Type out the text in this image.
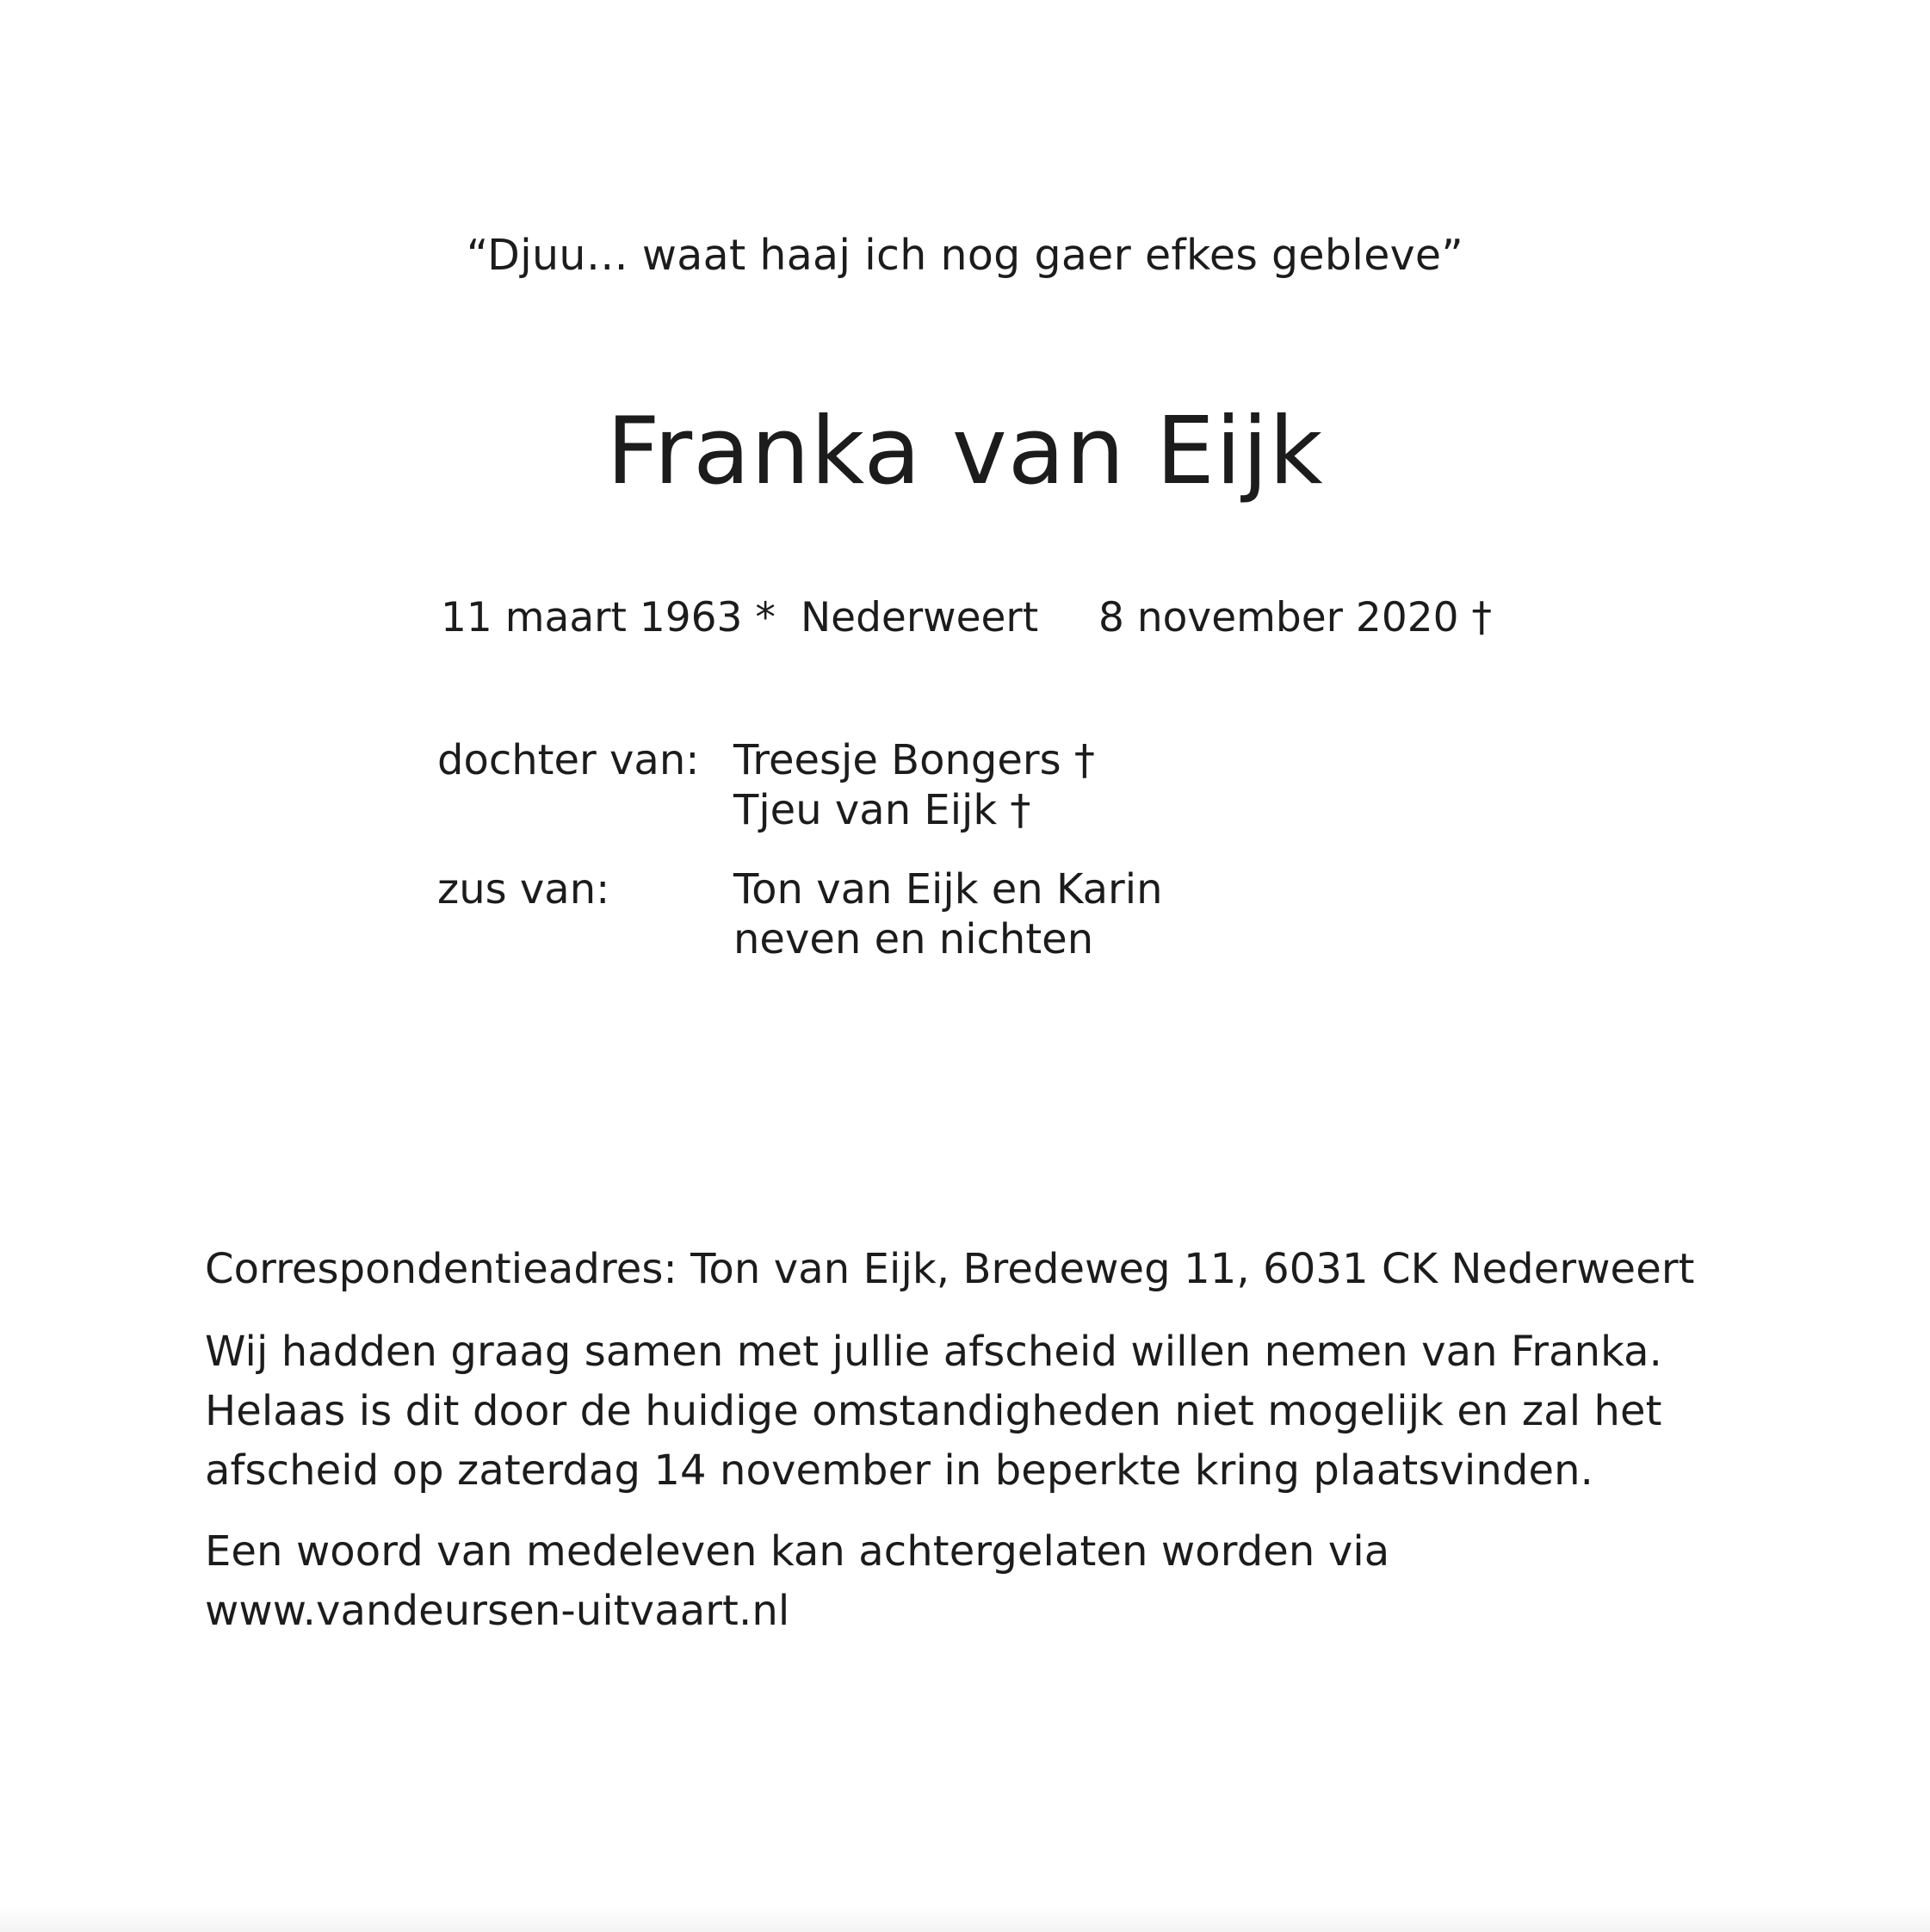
“Djuu… waat haaj ich nog gaer efkes gebleve”
Franka van Eijk
11 maart 1963 * Nederweert 8 november 2020 †
dochter van: Treesje Bongers †
Tjeu van Eijk †
zus van:	Ton van Eijk en Karin
neven en nichten
Correspondentieadres: Ton van Eijk, Bredeweg 11, 6031 CK Nederweert
Wij hadden graag samen met jullie afscheid willen nemen van Franka.
Helaas is dit door de huidige omstandigheden niet mogelijk en zal het
afscheid op zaterdag 14 november in beperkte kring plaatsvinden.
Een woord van medeleven kan achtergelaten worden via
www.vandeursen-uitvaart.nl
